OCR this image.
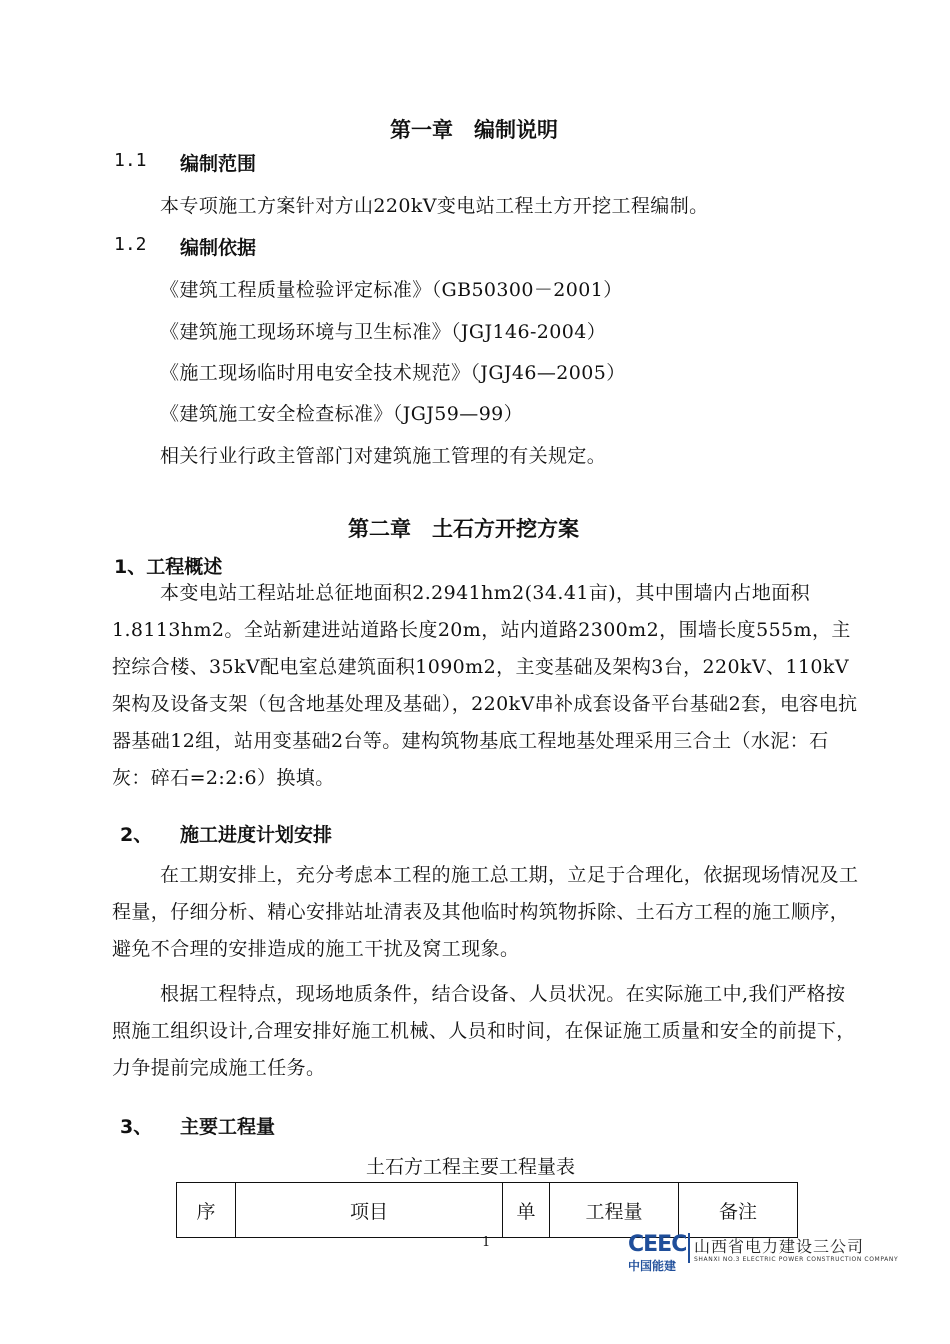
第一章　编制说明
1.1 编制范围
本专项施工方案针对方山220kV变电站工程土方开挖工程编制。
1.2 编制依据
《建筑工程质量检验评定标准》（GB50300－2001）
《建筑施工现场环境与卫生标准》（JGJ146-2004）
《施工现场临时用电安全技术规范》（JGJ46—2005）
《建筑施工安全检查标准》（JGJ59—99）
相关行业行政主管部门对建筑施工管理的有关规定。
第二章　土石方开挖方案
1、工程概述

本变电站工程站址总征地面积2.2941hm2(34.41亩)，其中围墙内占地面积1.8113hm2。全站新建进站道路长度20m，站内道路2300m2，围墙长度555m，主控综合楼、35kV配电室总建筑面积1090m2，主变基础及架构3台，220kV、110kV架构及设备支架（包含地基处理及基础），220kV串补成套设备平台基础2套，电容电抗器基础12组，站用变基础2台等。建构筑物基底工程地基处理采用三合土（水泥：石灰：碎石=2:2:6）换填。

2、 施工进度计划安排

在工期安排上，充分考虑本工程的施工总工期，立足于合理化，依据现场情况及工程量，仔细分析、精心安排站址清表及其他临时构筑物拆除、土石方工程的施工顺序，避免不合理的安排造成的施工干扰及窝工现象。

根据工程特点，现场地质条件，结合设备、人员状况。在实际施工中,我们严格按照施工组织设计,合理安排好施工机械、人员和时间，在保证施工质量和安全的前提下，力争提前完成施工任务。

3、 主要工程量
土石方工程主要工程量表
序	项目	单	工程量	备注
1	CEEC
中国能建
山西省电力建设三公司
SHANXI NO.3 ELECTRIC POWER CONSTRUCTION COMPANY
